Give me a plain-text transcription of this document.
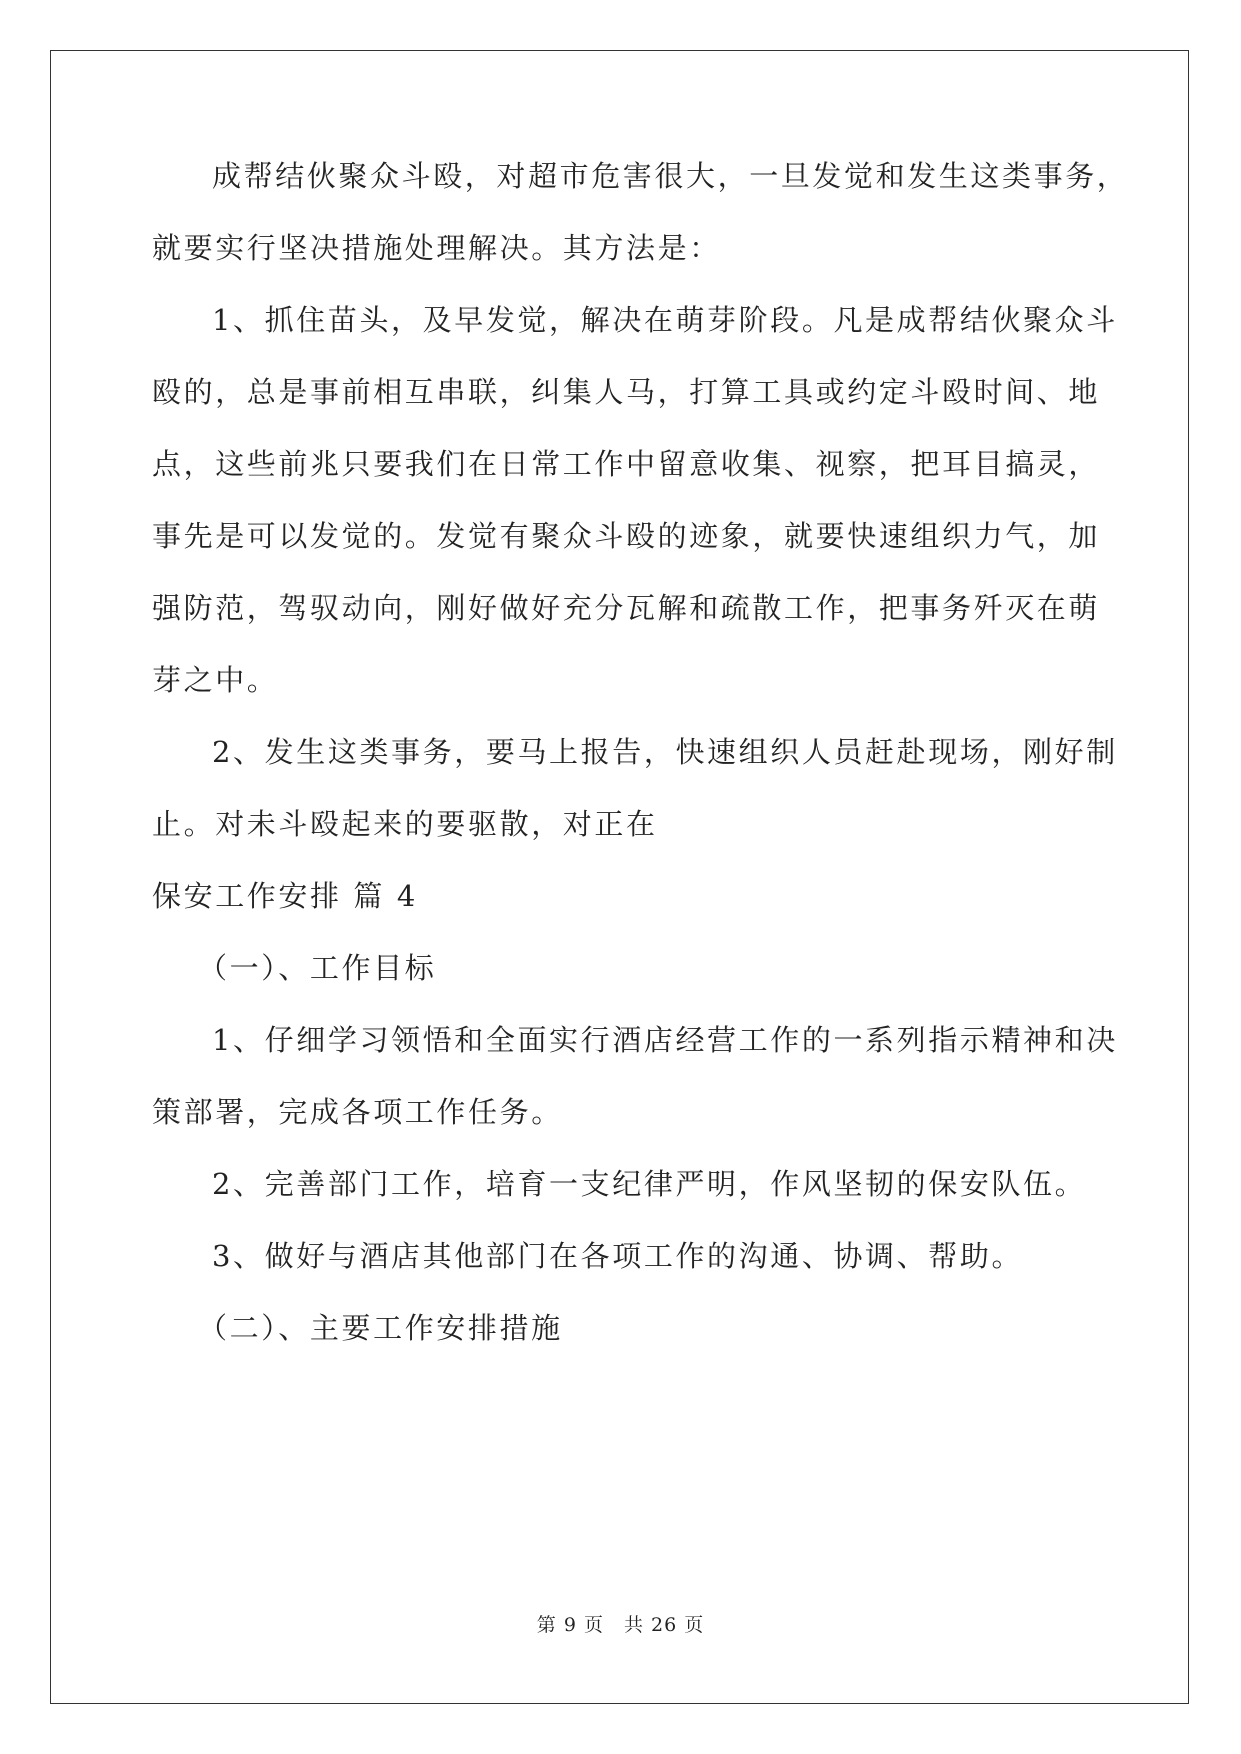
成帮结伙聚众斗殴，对超市危害很大，一旦发觉和发生这类事务，
就要实行坚决措施处理解决。其方法是：
1、抓住苗头，及早发觉，解决在萌芽阶段。凡是成帮结伙聚众斗
殴的，总是事前相互串联，纠集人马，打算工具或约定斗殴时间、地
点，这些前兆只要我们在日常工作中留意收集、视察，把耳目搞灵，
事先是可以发觉的。发觉有聚众斗殴的迹象，就要快速组织力气，加
强防范，驾驭动向，刚好做好充分瓦解和疏散工作，把事务歼灭在萌
芽之中。
2、发生这类事务，要马上报告，快速组织人员赶赴现场，刚好制
止。对未斗殴起来的要驱散，对正在
保安工作安排 篇 4
（一）、工作目标
1、仔细学习领悟和全面实行酒店经营工作的一系列指示精神和决
策部署，完成各项工作任务。
2、完善部门工作，培育一支纪律严明，作风坚韧的保安队伍。
3、做好与酒店其他部门在各项工作的沟通、协调、帮助。
（二）、主要工作安排措施
第 9 页　共 26 页
